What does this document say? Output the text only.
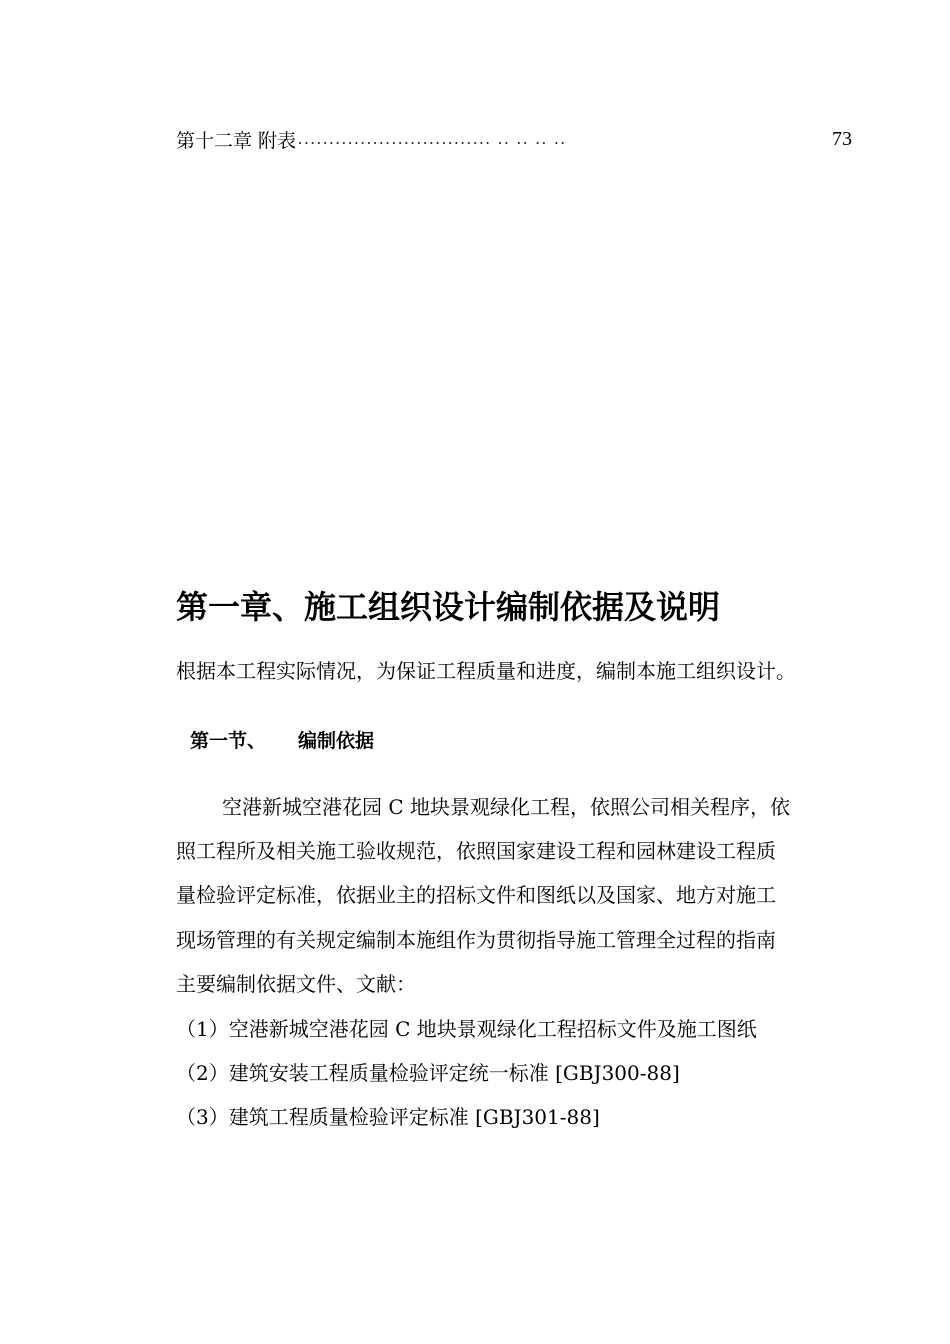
第十二章 附表 ............................... .. .. .. ..	73
第一章、施工组织设计编制依据及说明
根据本工程实际情况，为保证工程质量和进度，编制本施工组织设计。
第一节、 编制依据
空港新城空港花园 C 地块景观绿化工程，依照公司相关程序，依
照工程所及相关施工验收规范，依照国家建设工程和园林建设工程质
量检验评定标准，依据业主的招标文件和图纸以及国家、地方对施工
现场管理的有关规定编制本施组作为贯彻指导施工管理全过程的指南
主要编制依据文件、文献：
（1）空港新城空港花园 C 地块景观绿化工程招标文件及施工图纸
（2）建筑安装工程质量检验评定统一标准 [GBJ300-88]
（3）建筑工程质量检验评定标准 [GBJ301-88]
